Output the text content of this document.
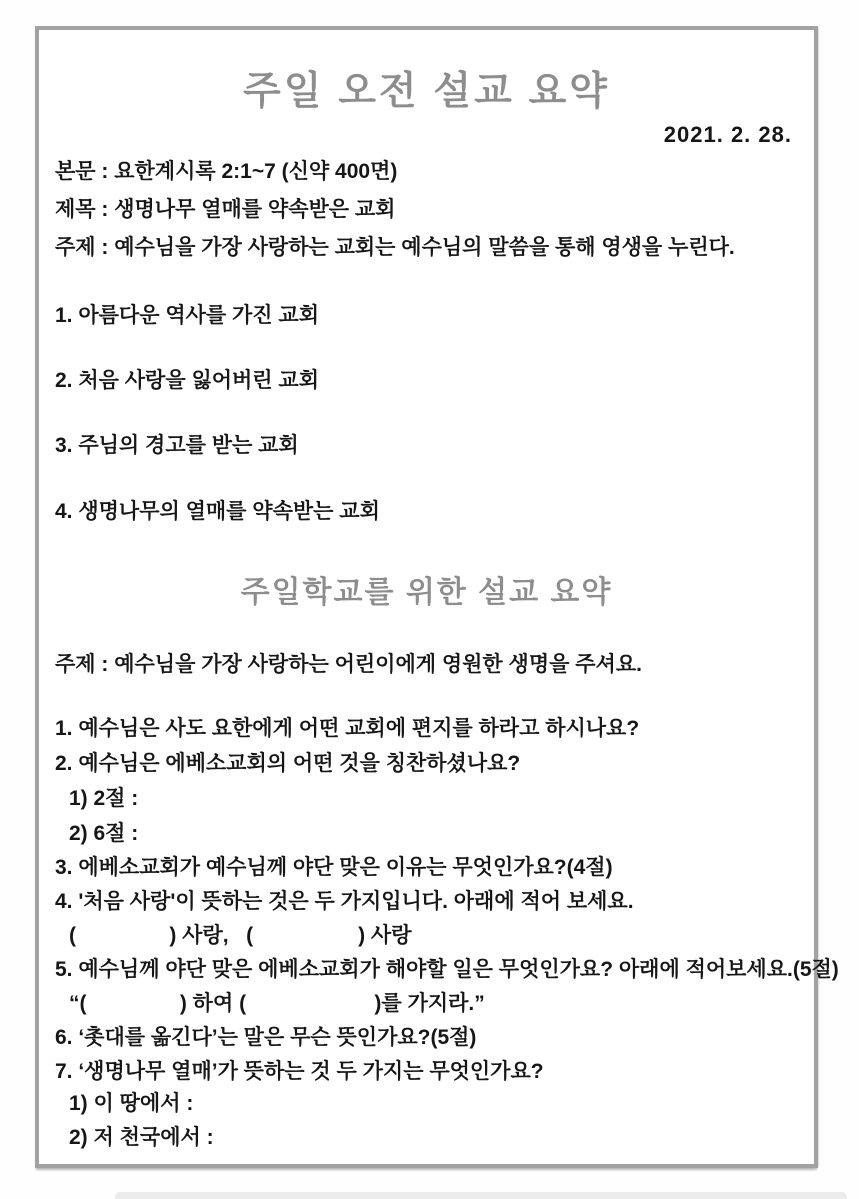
주일 오전 설교 요약
2021. 2. 28.
본문 : 요한계시록 2:1~7 (신약 400면)
제목 : 생명나무 열매를 약속받은 교회
주제 : 예수님을 가장 사랑하는 교회는 예수님의 말씀을 통해 영생을 누린다.
1. 아름다운 역사를 가진 교회
2. 처음 사랑을 잃어버린 교회
3. 주님의 경고를 받는 교회
4. 생명나무의 열매를 약속받는 교회
주일학교를 위한 설교 요약
주제 : 예수님을 가장 사랑하는 어린이에게 영원한 생명을 주셔요.
1. 예수님은 사도 요한에게 어떤 교회에 편지를 하라고 하시나요?
2. 예수님은 에베소교회의 어떤 것을 칭찬하셨나요?
1) 2절 :
2) 6절 :
3. 에베소교회가 예수님께 야단 맞은 이유는 무엇인가요?(4절)
4. '처음 사랑'이 뜻하는 것은 두 가지입니다. 아래에 적어 보세요.
(                ) 사랑,   (                  ) 사랑
5. 예수님께 야단 맞은 에베소교회가 해야할 일은 무엇인가요? 아래에 적어보세요.(5절)
“(                ) 하여 (                      )를 가지라.”
6. ‘촛대를 옮긴다’는 말은 무슨 뜻인가요?(5절)
7. ‘생명나무 열매’가 뜻하는 것 두 가지는 무엇인가요?
1) 이 땅에서 :
2) 저 천국에서 :
